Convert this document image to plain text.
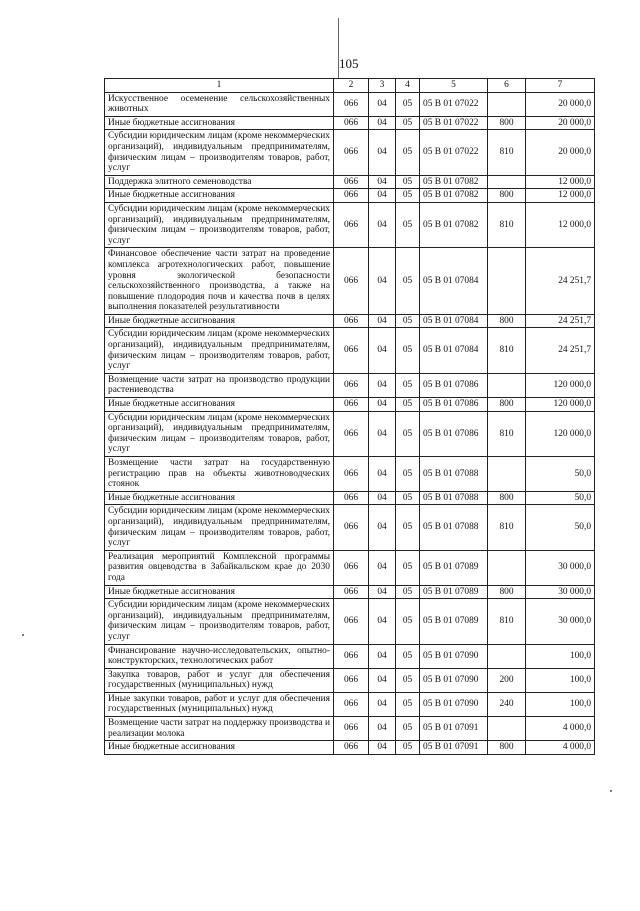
105
1	2	3	4	5	6	7
Искусственное осеменение сельскохозяйственных животных	066	04	05	05 В 01 07022		20 000,0
Иные бюджетные ассигнования	066	04	05	05 В 01 07022	800	20 000,0
Субсидии юридическим лицам (кроме некоммерческих организаций), индивидуальным предпринимателям, физическим лицам – производителям товаров, работ, услуг	066	04	05	05 В 01 07022	810	20 000,0
Поддержка элитного семеноводства	066	04	05	05 В 01 07082		12 000,0
Иные бюджетные ассигнования	066	04	05	05 В 01 07082	800	12 000,0
Субсидии юридическим лицам (кроме некоммерческих организаций), индивидуальным предпринимателям, физическим лицам – производителям товаров, работ, услуг	066	04	05	05 В 01 07082	810	12 000,0
Финансовое обеспечение части затрат на проведение комплекса агротехнологических работ, повышение уровня экологической безопасности сельскохозяйственного производства, а также на повышение плодородия почв и качества почв в целях выполнения показателей результативности	066	04	05	05 В 01 07084		24 251,7
Иные бюджетные ассигнования	066	04	05	05 В 01 07084	800	24 251,7
Субсидии юридическим лицам (кроме некоммерческих организаций), индивидуальным предпринимателям, физическим лицам – производителям товаров, работ, услуг	066	04	05	05 В 01 07084	810	24 251,7
Возмещение части затрат на производство продукции растениеводства	066	04	05	05 В 01 07086		120 000,0
Иные бюджетные ассигнования	066	04	05	05 В 01 07086	800	120 000,0
Субсидии юридическим лицам (кроме некоммерческих организаций), индивидуальным предпринимателям, физическим лицам – производителям товаров, работ, услуг	066	04	05	05 В 01 07086	810	120 000,0
Возмещение части затрат на государственную регистрацию прав на объекты животноводческих стоянок	066	04	05	05 В 01 07088		50,0
Иные бюджетные ассигнования	066	04	05	05 В 01 07088	800	50,0
Субсидии юридическим лицам (кроме некоммерческих организаций), индивидуальным предпринимателям, физическим лицам – производителям товаров, работ, услуг	066	04	05	05 В 01 07088	810	50,0
Реализация мероприятий Комплексной программы развития овцеводства в Забайкальском крае до 2030 года	066	04	05	05 В 01 07089		30 000,0
Иные бюджетные ассигнования	066	04	05	05 В 01 07089	800	30 000,0
Субсидии юридическим лицам (кроме некоммерческих организаций), индивидуальным предпринимателям, физическим лицам – производителям товаров, работ, услуг	066	04	05	05 В 01 07089	810	30 000,0
Финансирование научно-исследовательских, опытно-конструкторских, технологических работ	066	04	05	05 В 01 07090		100,0
Закупка товаров, работ и услуг для обеспечения государственных (муниципальных) нужд	066	04	05	05 В 01 07090	200	100,0
Иные закупки товаров, работ и услуг для обеспечения государственных (муниципальных) нужд	066	04	05	05 В 01 07090	240	100,0
Возмещение части затрат на поддержку производства и реализации молока	066	04	05	05 В 01 07091		4 000,0
Иные бюджетные ассигнования	066	04	05	05 В 01 07091	800	4 000,0
